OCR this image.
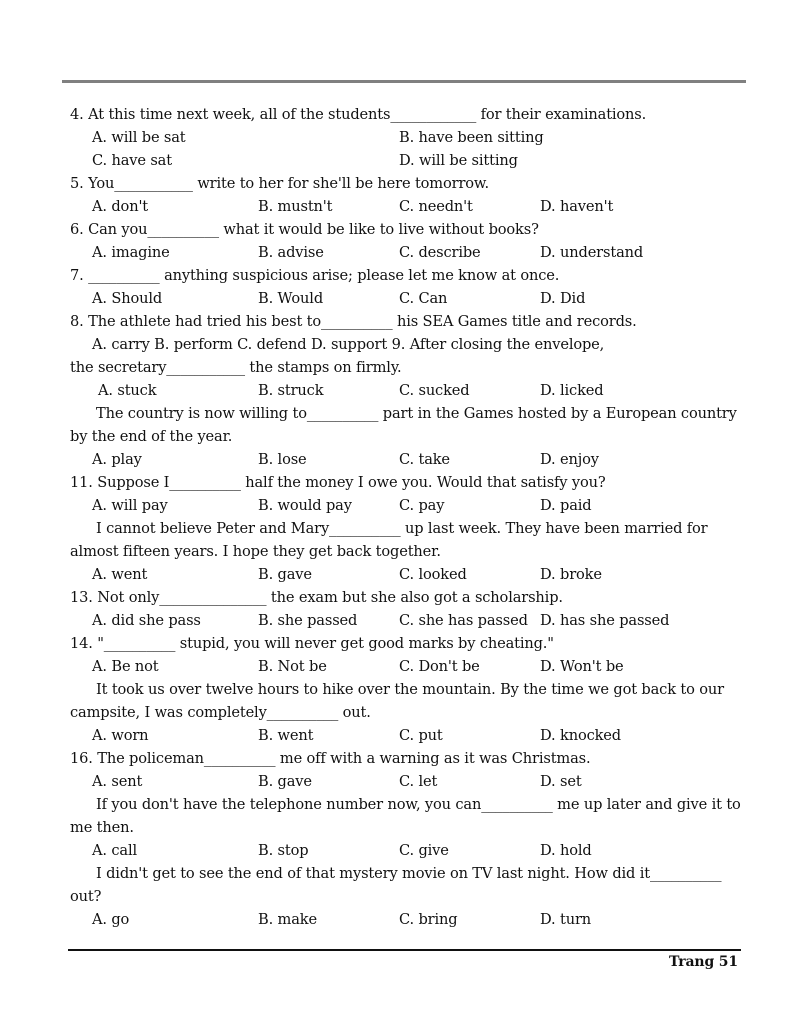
4. At this time next week, all of the students____________ for their examinations.
A. will be sat	B. have been sitting
C. have sat	D. will be sitting
5. You___________ write to her for she'll be here tomorrow.
A. don't	B. mustn't	C. needn't	D. haven't
6. Can you__________ what it would be like to live without books?
A. imagine	B. advise	C. describe	D. understand
7. __________ anything suspicious arise; please let me know at once.
A. Should	B. Would	C. Can	D. Did
8. The athlete had tried his best to__________ his SEA Games title and records.
A. carry B. perform C. defend D. support 9. After closing the envelope,
the secretary___________ the stamps on firmly.
A. stuck	B. struck	C. sucked	D. licked
The country is now willing to__________ part in the Games hosted by a European country by the end of the year.
A. play	B. lose	C. take	D. enjoy
11. Suppose I__________ half the money I owe you. Would that satisfy you?
A. will pay	B. would pay	C. pay	D. paid
I cannot believe Peter and Mary__________ up last week. They have been married for almost fifteen years. I hope they get back together.
A. went	B. gave	C. looked	D. broke
13. Not only_______________ the exam but she also got a scholarship.
A. did she pass	B. she passed	C. she has passed D. has she passed
14. "__________ stupid, you will never get good marks by cheating."
A. Be not	B. Not be	C. Don't be	D. Won't be
It took us over twelve hours to hike over the mountain. By the time we got back to our campsite, I was completely__________ out.
A. worn	B. went	C. put	D. knocked
16. The policeman__________ me off with a warning as it was Christmas.
A. sent	B. gave	C. let	D. set
If you don't have the telephone number now, you can__________ me up later and give it to me then.
A. call	B. stop	C. give	D. hold
I didn't get to see the end of that mystery movie on TV last night. How did it__________ out?
A. go	B. make	C. bring	D. turn
Trang 51
